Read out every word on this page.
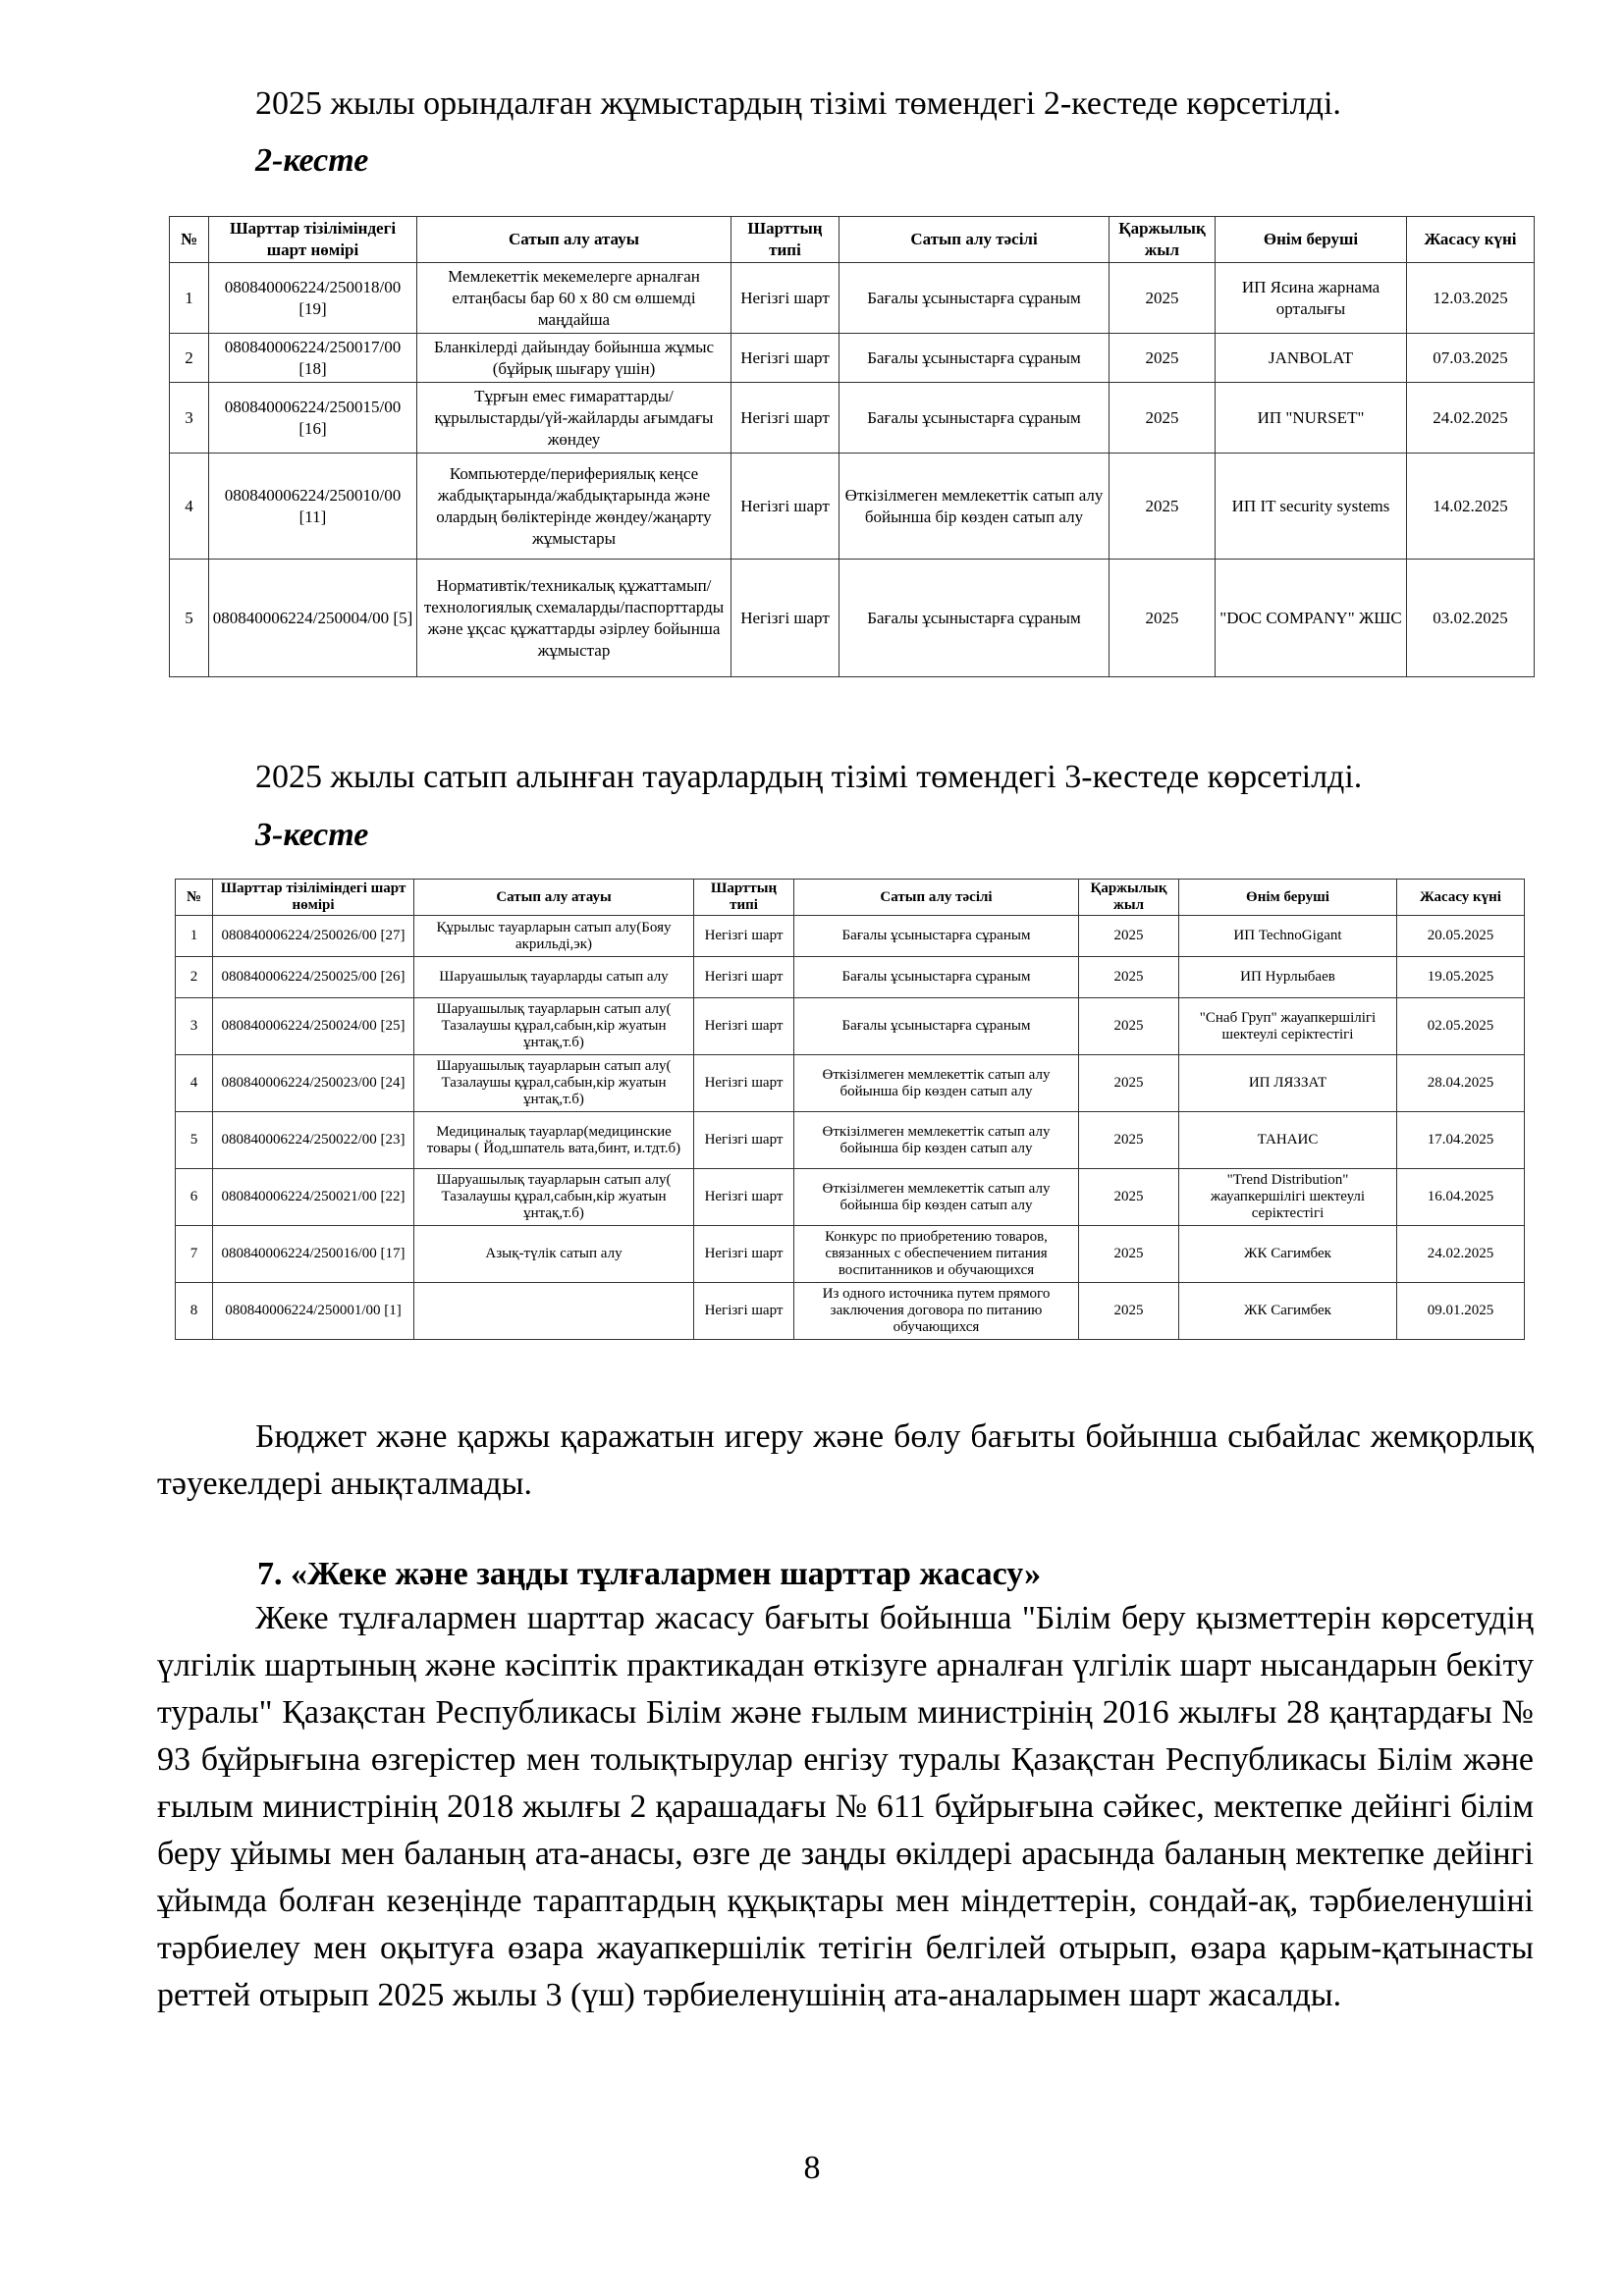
2025 жылы орындалған жұмыстардың тізімі төмендегі 2-кестеде көрсетілді.
2-кесте
№	Шарттар тізіліміндегі шарт нөмірі	Сатып алу атауы	Шарттың типі	Сатып алу тәсілі	Қаржылық жыл	Өнім беруші	Жасасу күні
1	080840006224/250018/00 [19]	Мемлекеттік мекемелерге арналған елтаңбасы бар 60 х 80 см өлшемді маңдайша	Негізгі шарт	Бағалы ұсыныстарға сұраным	2025	ИП Ясина жарнама орталығы	12.03.2025
2	080840006224/250017/00 [18]	Бланкілерді дайындау бойынша жұмыс (бұйрық шығару үшін)	Негізгі шарт	Бағалы ұсыныстарға сұраным	2025	JANBOLAT	07.03.2025
3	080840006224/250015/00 [16]	Тұрғын емес ғимараттарды/құрылыстарды/үй-жайларды ағымдағы жөндеу	Негізгі шарт	Бағалы ұсыныстарға сұраным	2025	ИП "NURSET"	24.02.2025
4	080840006224/250010/00 [11]	Компьютерде/перифериялық кеңсе жабдықтарында/жабдықтарында және олардың бөліктерінде жөндеу/жаңарту жұмыстары	Негізгі шарт	Өткізілмеген мемлекеттік сатып алу бойынша бір көзден сатып алу	2025	ИП IT security systems	14.02.2025
5	080840006224/250004/00 [5]	Нормативтік/техникалық құжаттамып/ технологиялық схемаларды/паспорттарды және ұқсас құжаттарды әзірлеу бойынша жұмыстар	Негізгі шарт	Бағалы ұсыныстарға сұраным	2025	"DOC COMPANY" ЖШС	03.02.2025
2025 жылы сатып алынған тауарлардың тізімі төмендегі 3-кестеде көрсетілді.
3-кесте
№	Шарттар тізіліміндегі шарт нөмірі	Сатып алу атауы	Шарттың типі	Сатып алу тәсілі	Қаржылық жыл	Өнім беруші	Жасасу күні
1	080840006224/250026/00 [27]	Құрылыс тауарларын сатып алу(Бояу акрильді,эк)	Негізгі шарт	Бағалы ұсыныстарға сұраным	2025	ИП TechnoGigant	20.05.2025
2	080840006224/250025/00 [26]	Шаруашылық тауарларды сатып алу	Негізгі шарт	Бағалы ұсыныстарға сұраным	2025	ИП Нурлыбаев	19.05.2025
3	080840006224/250024/00 [25]	Шаруашылық тауарларын сатып алу( Тазалаушы құрал,сабын,кір жуатын ұнтақ,т.б)	Негізгі шарт	Бағалы ұсыныстарға сұраным	2025	"Снаб Груп" жауапкершілігі шектеулі серіктестігі	02.05.2025
4	080840006224/250023/00 [24]	Шаруашылық тауарларын сатып алу( Тазалаушы құрал,сабын,кір жуатын ұнтақ,т.б)	Негізгі шарт	Өткізілмеген мемлекеттік сатып алу бойынша бір көзден сатып алу	2025	ИП ЛЯЗЗАТ	28.04.2025
5	080840006224/250022/00 [23]	Медициналық тауарлар(медицинские товары ( Йод,шпатель вата,бинт, и.тдт.б)	Негізгі шарт	Өткізілмеген мемлекеттік сатып алу бойынша бір көзден сатып алу	2025	ТАНАИС	17.04.2025
6	080840006224/250021/00 [22]	Шаруашылық тауарларын сатып алу( Тазалаушы құрал,сабын,кір жуатын ұнтақ,т.б)	Негізгі шарт	Өткізілмеген мемлекеттік сатып алу бойынша бір көзден сатып алу	2025	"Trend Distribution" жауапкершілігі шектеулі серіктестігі	16.04.2025
7	080840006224/250016/00 [17]	Азық-түлік сатып алу	Негізгі шарт	Конкурс по приобретению товаров, связанных с обеспечением питания воспитанников и обучающихся	2025	ЖК Сагимбек	24.02.2025
8	080840006224/250001/00 [1]		Негізгі шарт	Из одного источника путем прямого заключения договора по питанию обучающихся	2025	ЖК Сагимбек	09.01.2025
Бюджет және қаржы қаражатын игеру және бөлу бағыты бойынша сыбайлас жемқорлық тәуекелдері анықталмады.
7. «Жеке және заңды тұлғалармен шарттар жасасу»
Жеке тұлғалармен шарттар жасасу бағыты бойынша "Білім беру қызметтерін көрсетудің үлгілік шартының және кәсіптік практикадан өткізуге арналған үлгілік шарт нысандарын бекіту туралы" Қазақстан Республикасы Білім және ғылым министрінің 2016 жылғы 28 қаңтардағы № 93 бұйрығына өзгерістер мен толықтырулар енгізу туралы Қазақстан Республикасы Білім және ғылым министрінің 2018 жылғы 2 қарашадағы № 611 бұйрығына сәйкес, мектепке дейінгі білім беру ұйымы мен баланың ата-анасы, өзге де заңды өкілдері арасында баланың мектепке дейінгі ұйымда болған кезеңінде тараптардың құқықтары мен міндеттерін, сондай-ақ, тәрбиеленушіні тәрбиелеу мен оқытуға өзара жауапкершілік тетігін белгілей отырып, өзара қарым-қатынасты реттей отырып 2025 жылы 3 (үш) тәрбиеленушінің ата-аналарымен шарт жасалды.
8
